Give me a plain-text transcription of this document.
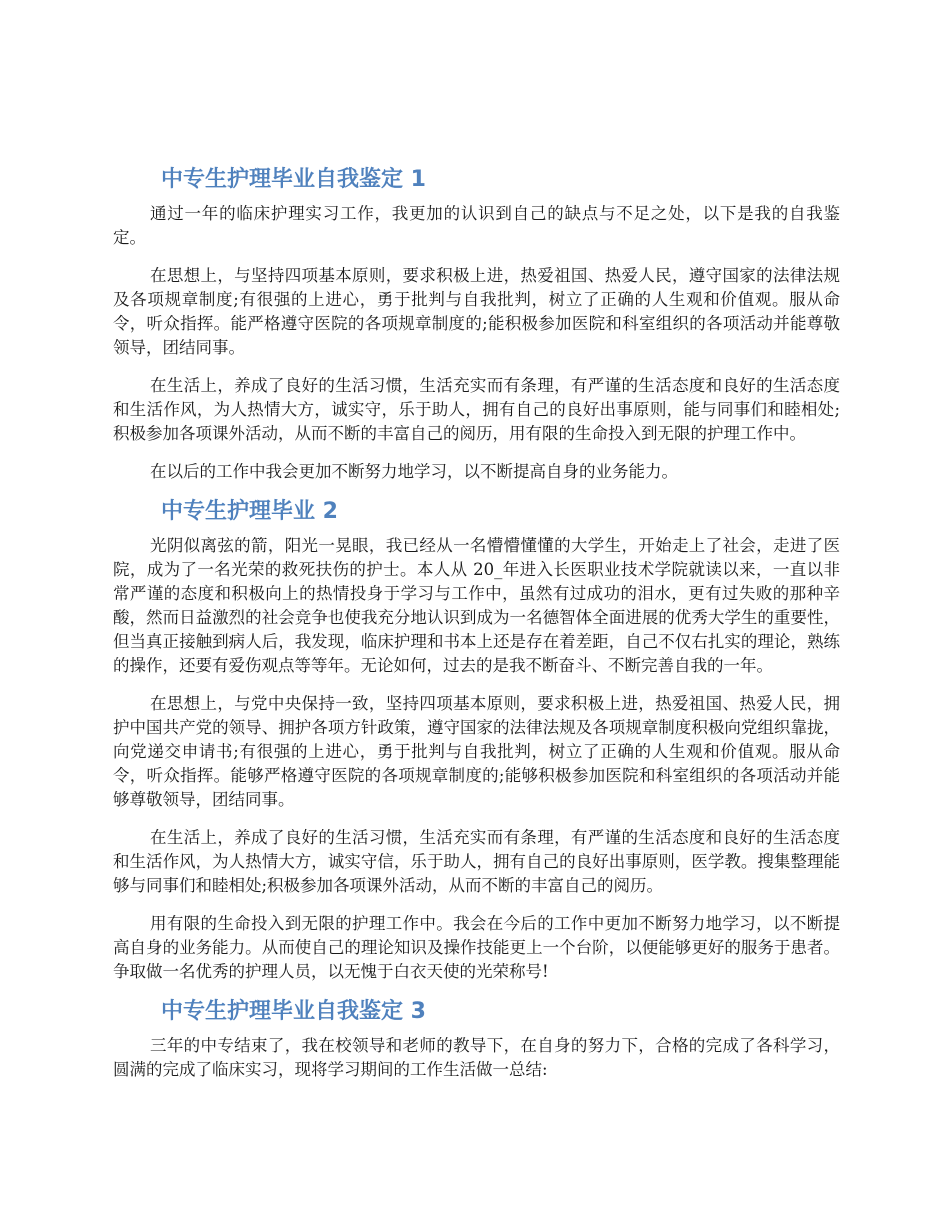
中专生护理毕业自我鉴定 1

通过一年的临床护理实习工作，我更加的认识到自己的缺点与不足之处，以下是我的自我鉴定。

在思想上，与坚持四项基本原则，要求积极上进，热爱祖国、热爱人民，遵守国家的法律法规及各项规章制度;有很强的上进心，勇于批判与自我批判，树立了正确的人生观和价值观。服从命令，听众指挥。能严格遵守医院的各项规章制度的;能积极参加医院和科室组织的各项活动并能尊敬领导，团结同事。

在生活上，养成了良好的生活习惯，生活充实而有条理，有严谨的生活态度和良好的生活态度和生活作风，为人热情大方，诚实守，乐于助人，拥有自己的良好出事原则，能与同事们和睦相处;积极参加各项课外活动，从而不断的丰富自己的阅历，用有限的生命投入到无限的护理工作中。

在以后的工作中我会更加不断努力地学习，以不断提高自身的业务能力。

中专生护理毕业 2

光阴似离弦的箭，阳光一晃眼，我已经从一名懵懵懂懂的大学生，开始走上了社会，走进了医院，成为了一名光荣的救死扶伤的护士。本人从 20_年进入长医职业技术学院就读以来，一直以非常严谨的态度和积极向上的热情投身于学习与工作中，虽然有过成功的泪水，更有过失败的那种辛酸，然而日益激烈的社会竞争也使我充分地认识到成为一名德智体全面进展的优秀大学生的重要性，但当真正接触到病人后，我发现，临床护理和书本上还是存在着差距，自己不仅右扎实的理论，熟练的操作，还要有爱伤观点等等年。无论如何，过去的是我不断奋斗、不断完善自我的一年。

在思想上，与党中央保持一致，坚持四项基本原则，要求积极上进，热爱祖国、热爱人民，拥护中国共产党的领导、拥护各项方针政策，遵守国家的法律法规及各项规章制度积极向党组织靠拢，向党递交申请书;有很强的上进心，勇于批判与自我批判，树立了正确的人生观和价值观。服从命令，听众指挥。能够严格遵守医院的各项规章制度的;能够积极参加医院和科室组织的各项活动并能够尊敬领导，团结同事。

在生活上，养成了良好的生活习惯，生活充实而有条理，有严谨的生活态度和良好的生活态度和生活作风，为人热情大方，诚实守信，乐于助人，拥有自己的良好出事原则，医学教。搜集整理能够与同事们和睦相处;积极参加各项课外活动，从而不断的丰富自己的阅历。

用有限的生命投入到无限的护理工作中。我会在今后的工作中更加不断努力地学习，以不断提高自身的业务能力。从而使自己的理论知识及操作技能更上一个台阶，以便能够更好的服务于患者。争取做一名优秀的护理人员，以无愧于白衣天使的光荣称号!

中专生护理毕业自我鉴定 3

三年的中专结束了，我在校领导和老师的教导下，在自身的努力下，合格的完成了各科学习，圆满的完成了临床实习，现将学习期间的工作生活做一总结:
